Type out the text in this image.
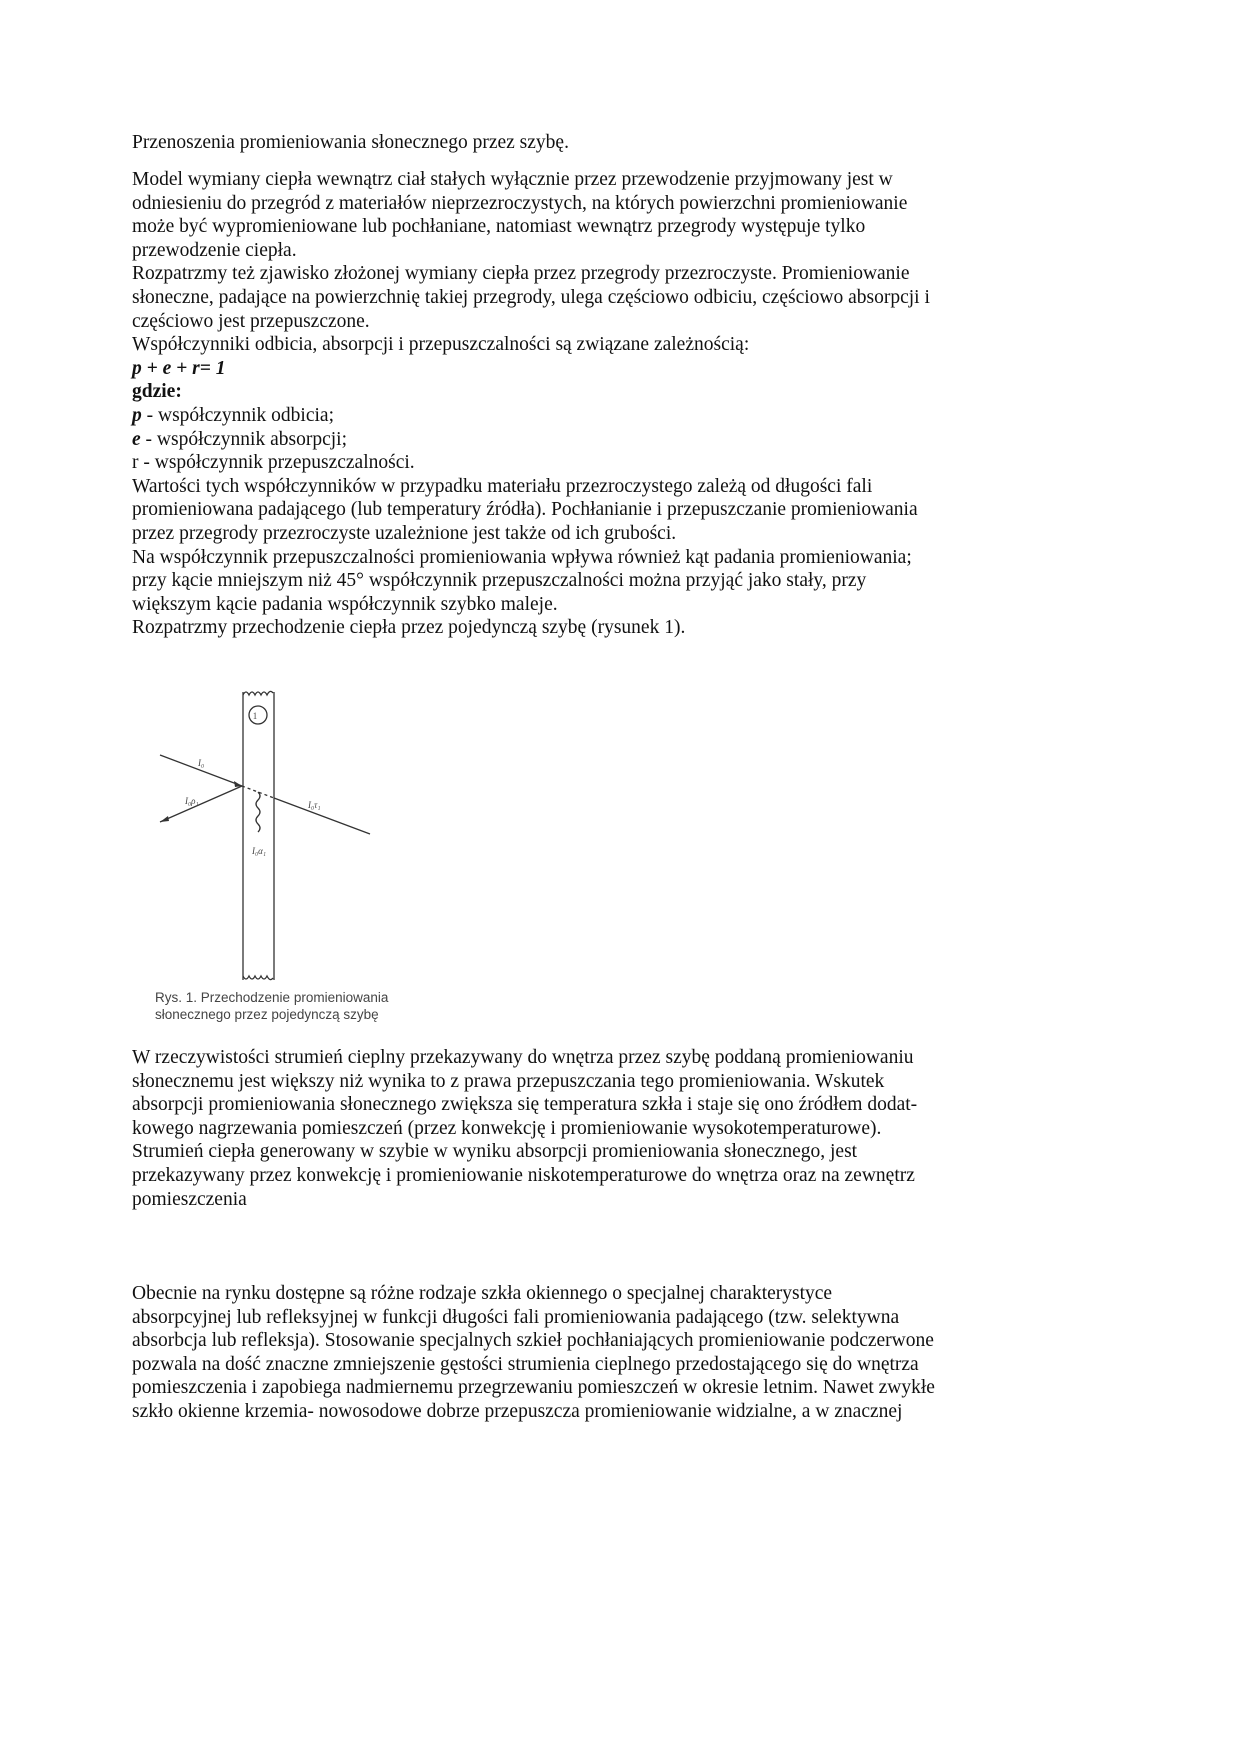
Przenoszenia promieniowania słonecznego przez szybę.
Model wymiany ciepła wewnątrz ciał stałych wyłącznie przez przewodzenie przyjmowany jest w
odniesieniu do przegród z materiałów nieprzezroczystych, na których powierzchni promieniowanie
może być wypromieniowane lub pochłaniane, natomiast wewnątrz przegrody występuje tylko
przewodzenie ciepła.
Rozpatrzmy też zjawisko złożonej wymiany ciepła przez przegrody przezroczyste. Promieniowanie
słoneczne, padające na powierzchnię takiej przegrody, ulega częściowo odbiciu, częściowo absorpcji i
częściowo jest przepuszczone.
Współczynniki odbicia, absorpcji i przepuszczalności są związane zależnością:
p + e + r= 1
gdzie:
p - współczynnik odbicia;
e - współczynnik absorpcji;
r - współczynnik przepuszczalności.
Wartości tych współczynników w przypadku materiału przezroczystego zależą od długości fali
promieniowana padającego (lub temperatury źródła). Pochłanianie i przepuszczanie promieniowania
przez przegrody przezroczyste uzależnione jest także od ich grubości.
Na współczynnik przepuszczalności promieniowania wpływa również kąt padania promieniowania;
przy kącie mniejszym niż 45° współczynnik przepuszczalności można przyjąć jako stały, przy
większym kącie padania współczynnik szybko maleje.
Rozpatrzmy przechodzenie ciepła przez pojedynczą szybę (rysunek 1).
1
I₀
I₀ρ₁	I₀τ₁
I₀α₁
Rys. 1. Przechodzenie promieniowania
słonecznego przez pojedynczą szybę
W rzeczywistości strumień cieplny przekazywany do wnętrza przez szybę poddaną promieniowaniu
słonecznemu jest większy niż wynika to z prawa przepuszczania tego promieniowania. Wskutek
absorpcji promieniowania słonecznego zwiększa się temperatura szkła i staje się ono źródłem dodat-
kowego nagrzewania pomieszczeń (przez konwekcję i promieniowanie wysokotemperaturowe).
Strumień ciepła generowany w szybie w wyniku absorpcji promieniowania słonecznego, jest
przekazywany przez konwekcję i promieniowanie niskotemperaturowe do wnętrza oraz na zewnętrz
pomieszczenia
Obecnie na rynku dostępne są różne rodzaje szkła okiennego o specjalnej charakterystyce
absorpcyjnej lub refleksyjnej w funkcji długości fali promieniowania padającego (tzw. selektywna
absorbcja lub refleksja). Stosowanie specjalnych szkieł pochłaniających promieniowanie podczerwone
pozwala na dość znaczne zmniejszenie gęstości strumienia cieplnego przedostającego się do wnętrza
pomieszczenia i zapobiega nadmiernemu przegrzewaniu pomieszczeń w okresie letnim. Nawet zwykłe
szkło okienne krzemia- nowosodowe dobrze przepuszcza promieniowanie widzialne, a w znacznej
